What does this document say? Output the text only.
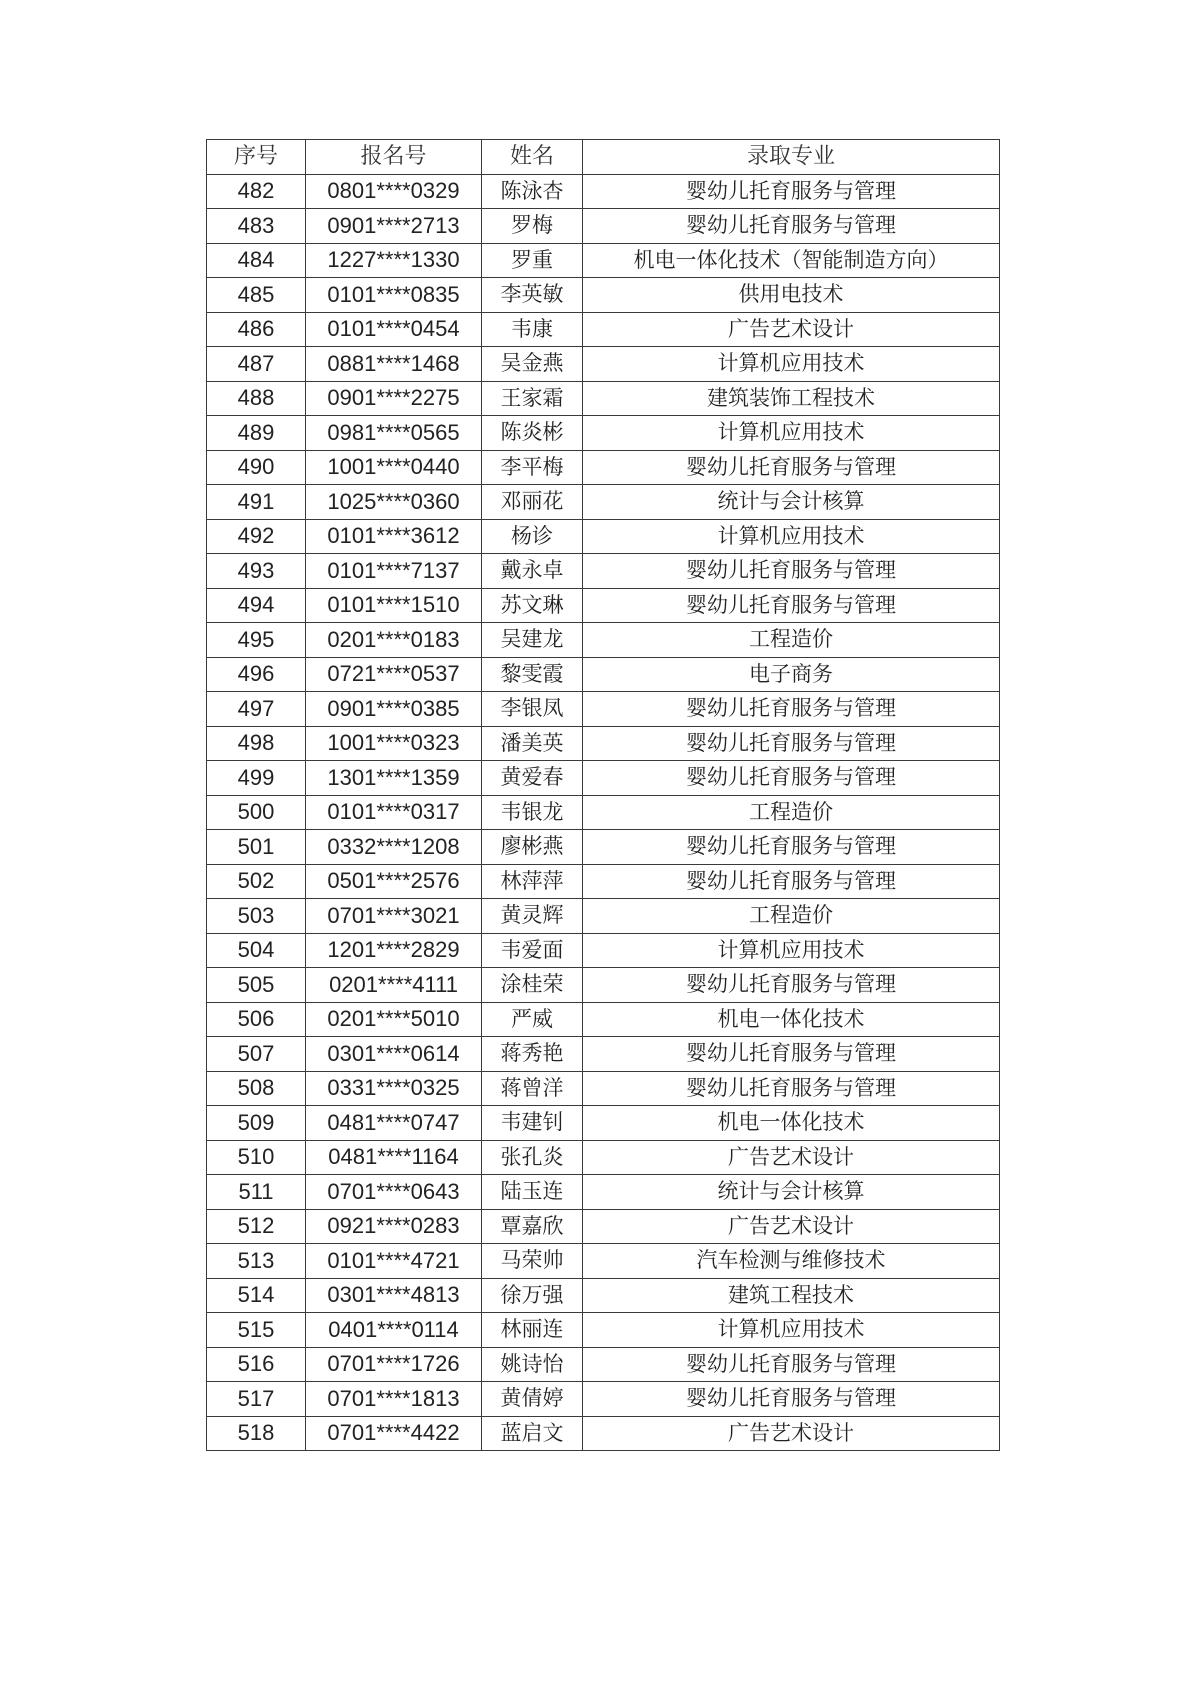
序号	报名号	姓名	录取专业
482	0801****0329	陈泳杏	婴幼儿托育服务与管理
483	0901****2713	罗梅	婴幼儿托育服务与管理
484	1227****1330	罗重	机电一体化技术（智能制造方向）
485	0101****0835	李英敏	供用电技术
486	0101****0454	韦康	广告艺术设计
487	0881****1468	吴金燕	计算机应用技术
488	0901****2275	王家霜	建筑装饰工程技术
489	0981****0565	陈炎彬	计算机应用技术
490	1001****0440	李平梅	婴幼儿托育服务与管理
491	1025****0360	邓丽花	统计与会计核算
492	0101****3612	杨诊	计算机应用技术
493	0101****7137	戴永卓	婴幼儿托育服务与管理
494	0101****1510	苏文琳	婴幼儿托育服务与管理
495	0201****0183	吴建龙	工程造价
496	0721****0537	黎雯霞	电子商务
497	0901****0385	李银凤	婴幼儿托育服务与管理
498	1001****0323	潘美英	婴幼儿托育服务与管理
499	1301****1359	黄爱春	婴幼儿托育服务与管理
500	0101****0317	韦银龙	工程造价
501	0332****1208	廖彬燕	婴幼儿托育服务与管理
502	0501****2576	林萍萍	婴幼儿托育服务与管理
503	0701****3021	黄灵辉	工程造价
504	1201****2829	韦爱面	计算机应用技术
505	0201****4111	涂桂荣	婴幼儿托育服务与管理
506	0201****5010	严威	机电一体化技术
507	0301****0614	蒋秀艳	婴幼儿托育服务与管理
508	0331****0325	蒋曾洋	婴幼儿托育服务与管理
509	0481****0747	韦建钊	机电一体化技术
510	0481****1164	张孔炎	广告艺术设计
511	0701****0643	陆玉连	统计与会计核算
512	0921****0283	覃嘉欣	广告艺术设计
513	0101****4721	马荣帅	汽车检测与维修技术
514	0301****4813	徐万强	建筑工程技术
515	0401****0114	林丽连	计算机应用技术
516	0701****1726	姚诗怡	婴幼儿托育服务与管理
517	0701****1813	黄倩婷	婴幼儿托育服务与管理
518	0701****4422	蓝启文	广告艺术设计
